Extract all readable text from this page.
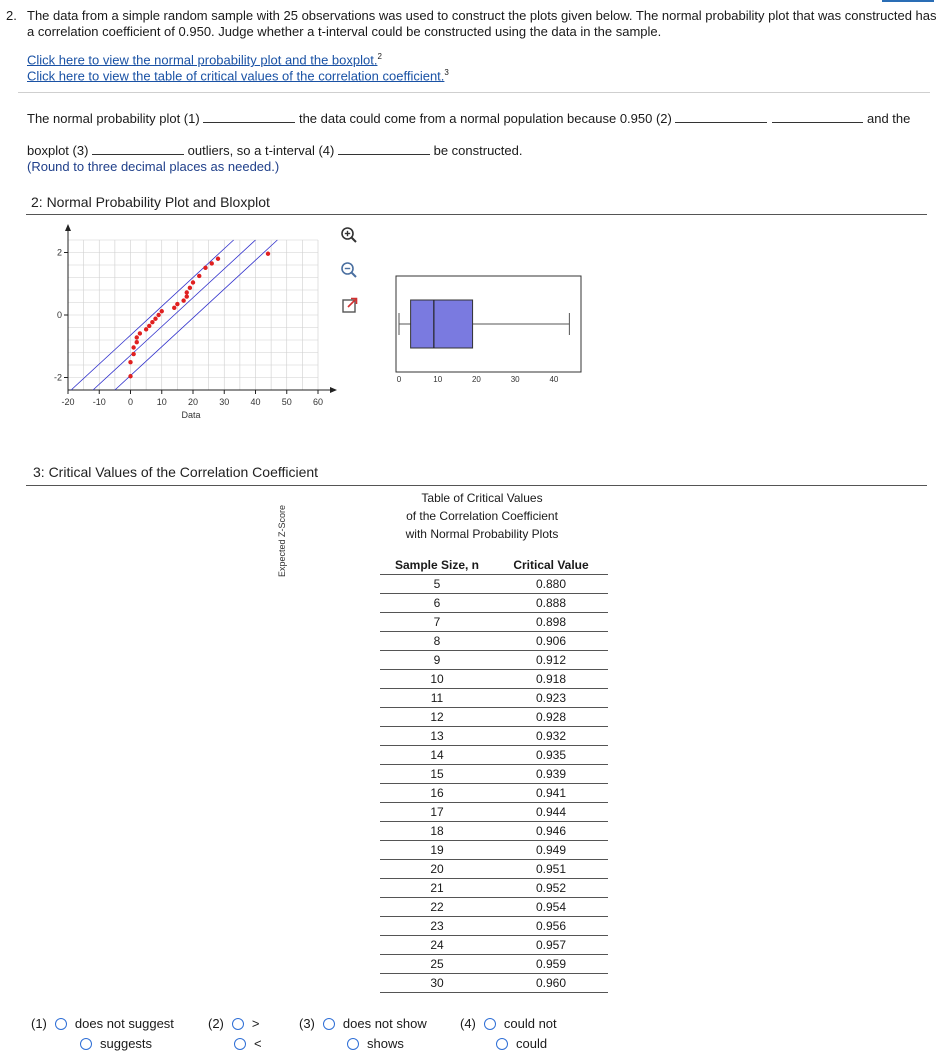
2. The data from a simple random sample with 25 observations was used to construct the plots given below. The normal probability plot that was constructed has a correlation coefficient of 0.950. Judge whether a t-interval could be constructed using the data in the sample.
Click here to view the normal probability plot and the boxplot.$^2$
Click here to view the table of critical values of the correlation coefficient.$^3$
The normal probability plot (1)	the data could come from a normal population because 0.950 (2)	and the
boxplot (3)	outliers, so a t-interval (4)	be constructed.
(Round to three decimal places as needed.)
2: Normal Probability Plot and Bloxplot
-20 -10 0	10 20 30 40 50 60
2
0
-2
Expected Z-Score
Data
0	10	20	30	40
3: Critical Values of the Correlation Coefficient
Table of Critical Values
of the Correlation Coefficient
with Normal Probability Plots
Sample Size, n	Critical Value
5	0.880
6	0.888
7	0.898
8	0.906
9	0.912
10	0.918
11	0.923
12	0.928
13	0.932
14	0.935
15	0.939
16	0.941
17	0.944
18	0.946
19	0.949
20	0.951
21	0.952
22	0.954
23	0.956
24	0.957
25	0.959
30	0.960
(1) does not suggest
suggests
(2) >
<
(3) does not show
shows
(4) could not
could
